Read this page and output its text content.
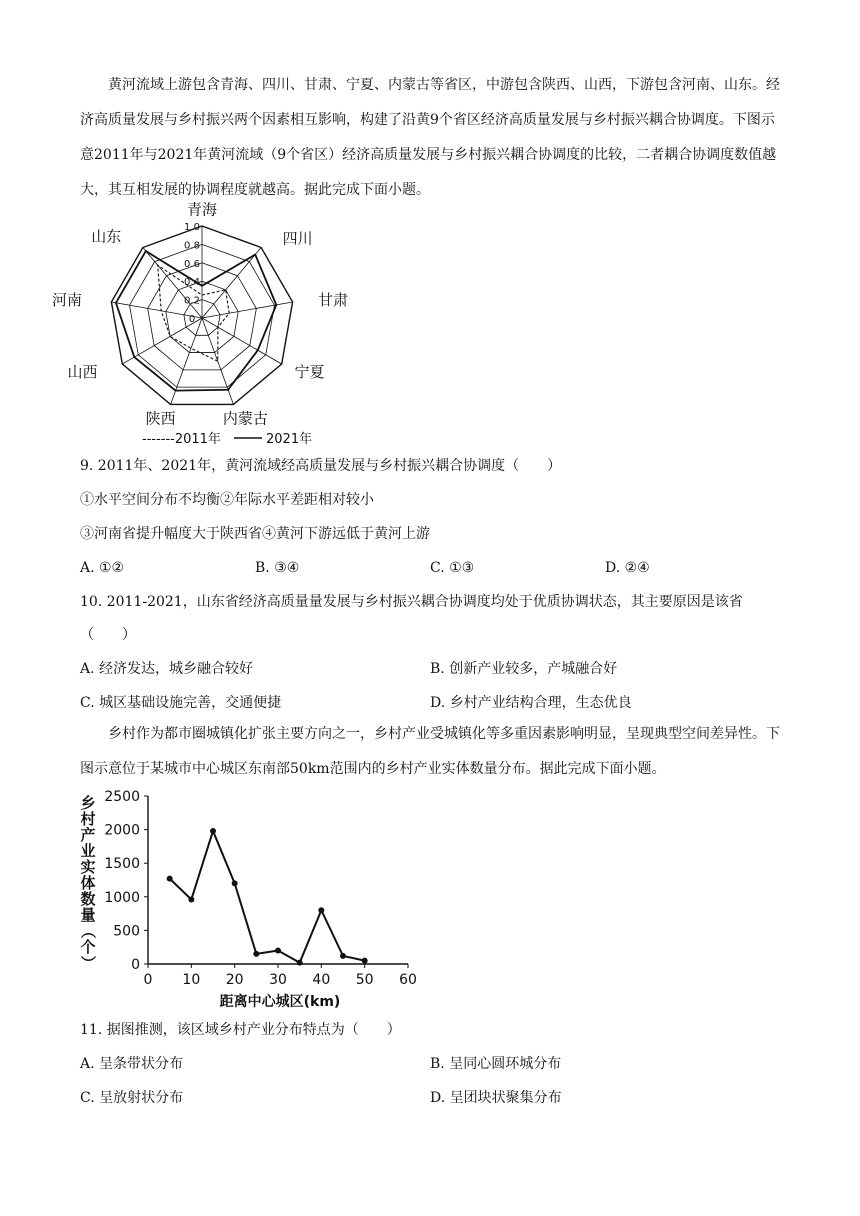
黄河流域上游包含青海、四川、甘肃、宁夏、内蒙古等省区，中游包含陕西、山西，下游包含河南、山东。经济高质量发展与乡村振兴两个因素相互影响，构建了沿黄9个省区经济高质量发展与乡村振兴耦合协调度。下图示意2011年与2021年黄河流域（9个省区）经济高质量发展与乡村振兴耦合协调度的比较，二者耦合协调度数值越大，其互相发展的协调程度就越高。据此完成下面小题。

1.0
0.8
0.6
0.4
0.2
0
青海
四川
甘肃
宁夏
内蒙古
陕西
山西
河南
山东
-------2011年	2021年
9. 2011年、2021年，黄河流域经高质量发展与乡村振兴耦合协调度（　　）
①水平空间分布不均衡②年际水平差距相对较小
③河南省提升幅度大于陕西省④黄河下游远低于黄河上游
A. ①②	B. ③④	C. ①③	D. ②④
10. 2011-2021，山东省经济高质量量发展与乡村振兴耦合协调度均处于优质协调状态，其主要原因是该省
（　　）
A. 经济发达，城乡融合较好	B. 创新产业较多，产城融合好
C. 城区基础设施完善，交通便捷	D. 乡村产业结构合理，生态优良

乡村作为都市圈城镇化扩张主要方向之一，乡村产业受城镇化等多重因素影响明显，呈现典型空间差异性。下图示意位于某城市中心城区东南部50km范围内的乡村产业实体数量分布。据此完成下面小题。

乡
村
产
业
实
体
数
量
（
个
）
0 10 20 30 40 50 60
0
500
1000
1500
2000
2500
距离中心城区(km)
11. 据图推测，该区域乡村产业分布特点为（　　）
A. 呈条带状分布	B. 呈同心圆环城分布
C. 呈放射状分布	D. 呈团块状聚集分布
